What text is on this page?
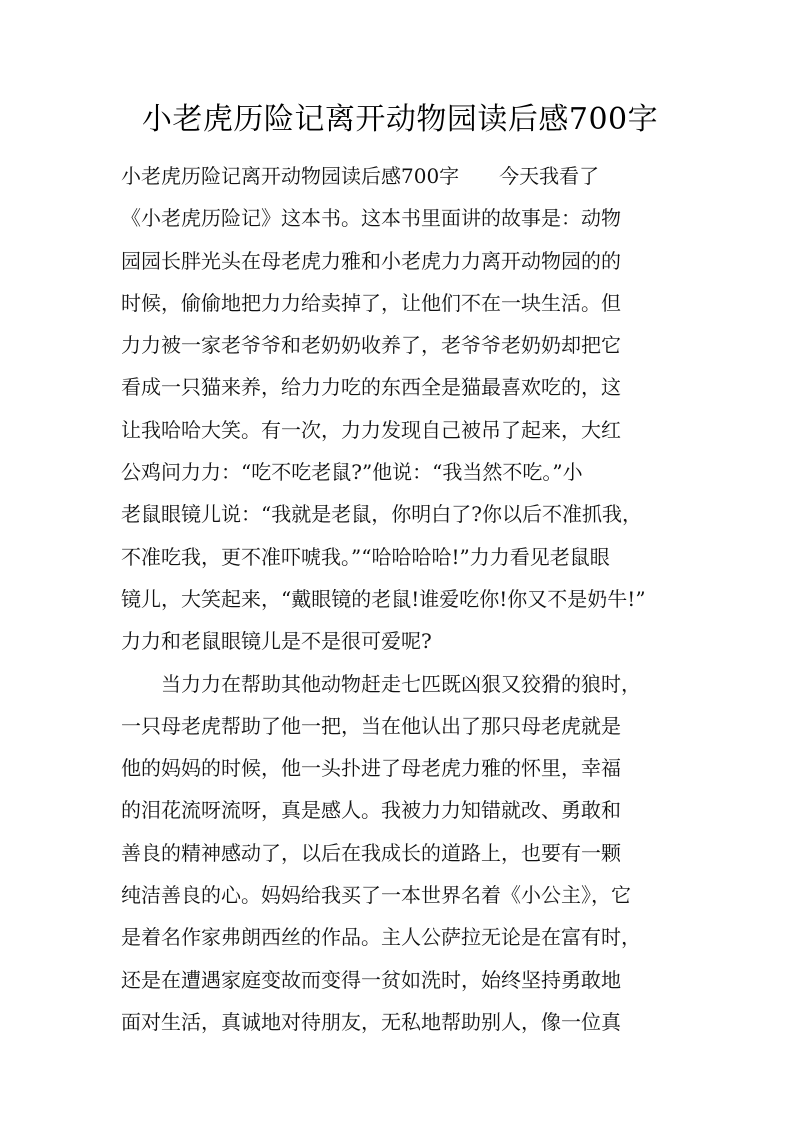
小老虎历险记离开动物园读后感700字
小老虎历险记离开动物园读后感700字　　今天我看了
《小老虎历险记》这本书。这本书里面讲的故事是：动物
园园长胖光头在母老虎力雅和小老虎力力离开动物园的的
时候，偷偷地把力力给卖掉了，让他们不在一块生活。但
力力被一家老爷爷和老奶奶收养了，老爷爷老奶奶却把它
看成一只猫来养，给力力吃的东西全是猫最喜欢吃的，这
让我哈哈大笑。有一次，力力发现自己被吊了起来，大红
公鸡问力力：“吃不吃老鼠?”他说：“我当然不吃。”小
老鼠眼镜儿说：“我就是老鼠，你明白了?你以后不准抓我，
不准吃我，更不准吓唬我。”“哈哈哈哈!”力力看见老鼠眼
镜儿，大笑起来，“戴眼镜的老鼠!谁爱吃你!你又不是奶牛!”
力力和老鼠眼镜儿是不是很可爱呢?
　　当力力在帮助其他动物赶走七匹既凶狠又狡猾的狼时，
一只母老虎帮助了他一把，当在他认出了那只母老虎就是
他的妈妈的时候，他一头扑进了母老虎力雅的怀里，幸福
的泪花流呀流呀，真是感人。我被力力知错就改、勇敢和
善良的精神感动了，以后在我成长的道路上，也要有一颗
纯洁善良的心。妈妈给我买了一本世界名着《小公主》，它
是着名作家弗朗西丝的作品。主人公萨拉无论是在富有时，
还是在遭遇家庭变故而变得一贫如洗时，始终坚持勇敢地
面对生活，真诚地对待朋友，无私地帮助别人，像一位真
